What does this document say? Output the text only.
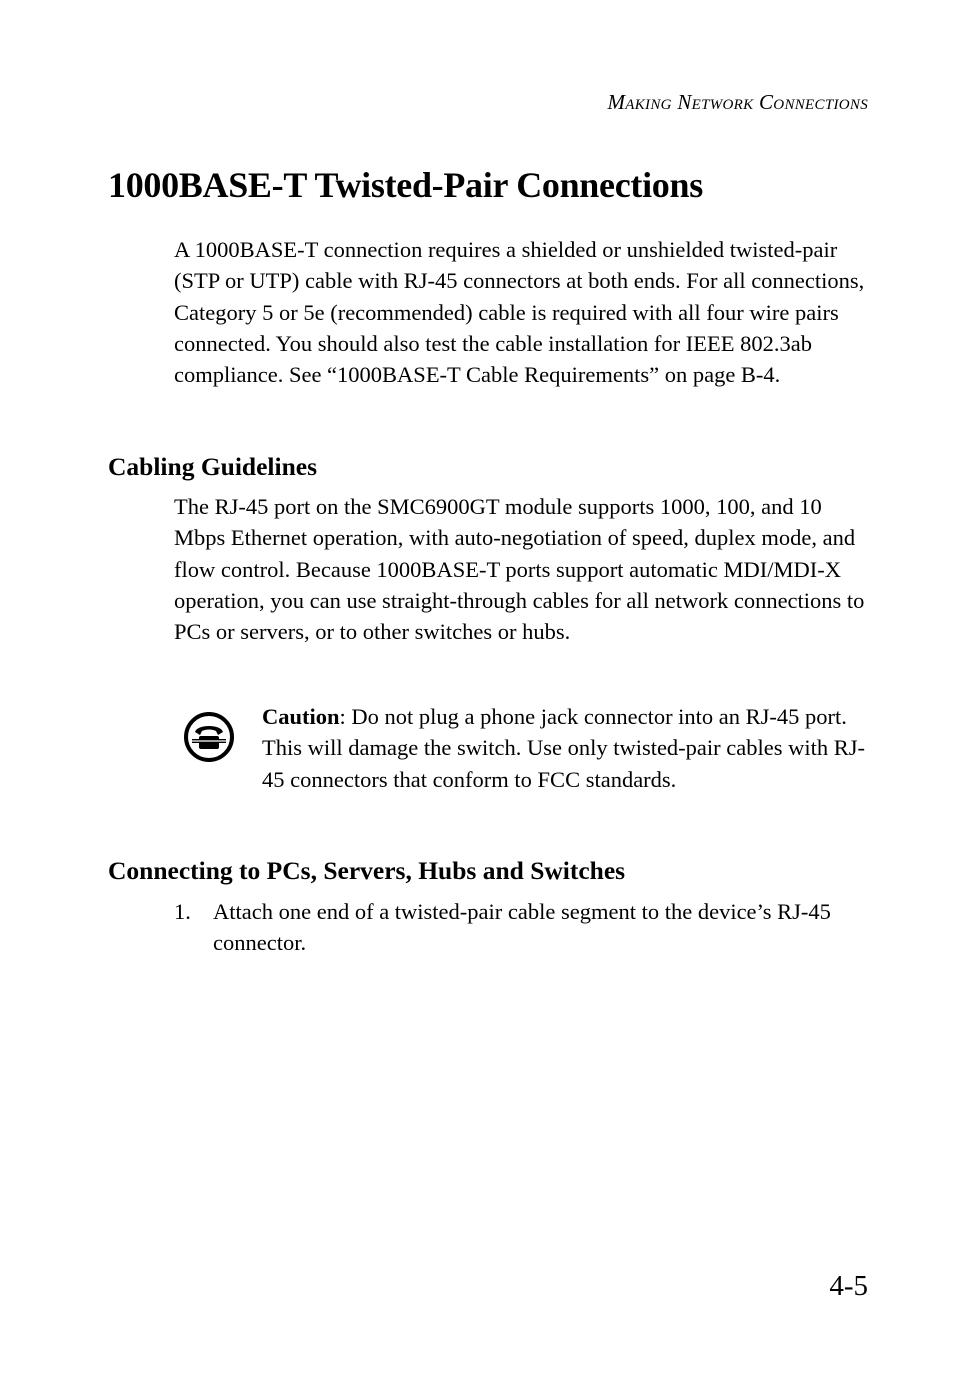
Making Network Connections
1000BASE-T Twisted-Pair Connections

A 1000BASE-T connection requires a shielded or unshielded twisted-pair (STP or UTP) cable with RJ-45 connectors at both ends. For all connections, Category 5 or 5e (recommended) cable is required with all four wire pairs connected. You should also test the cable installation for IEEE 802.3ab compliance. See “1000BASE-T Cable Requirements” on page B-4.

Cabling Guidelines

The RJ-45 port on the SMC6900GT module supports 1000, 100, and 10 Mbps Ethernet operation, with auto-negotiation of speed, duplex mode, and flow control. Because 1000BASE-T ports support automatic MDI/MDI-X operation, you can use straight-through cables for all network connections to PCs or servers, or to other switches or hubs.

Caution: Do not plug a phone jack connector into an RJ-45 port. This will damage the switch. Use only twisted-pair cables with RJ-45 connectors that conform to FCC standards.

Connecting to PCs, Servers, Hubs and Switches
1. Attach one end of a twisted-pair cable segment to the device’s RJ-45 connector.
4-5
